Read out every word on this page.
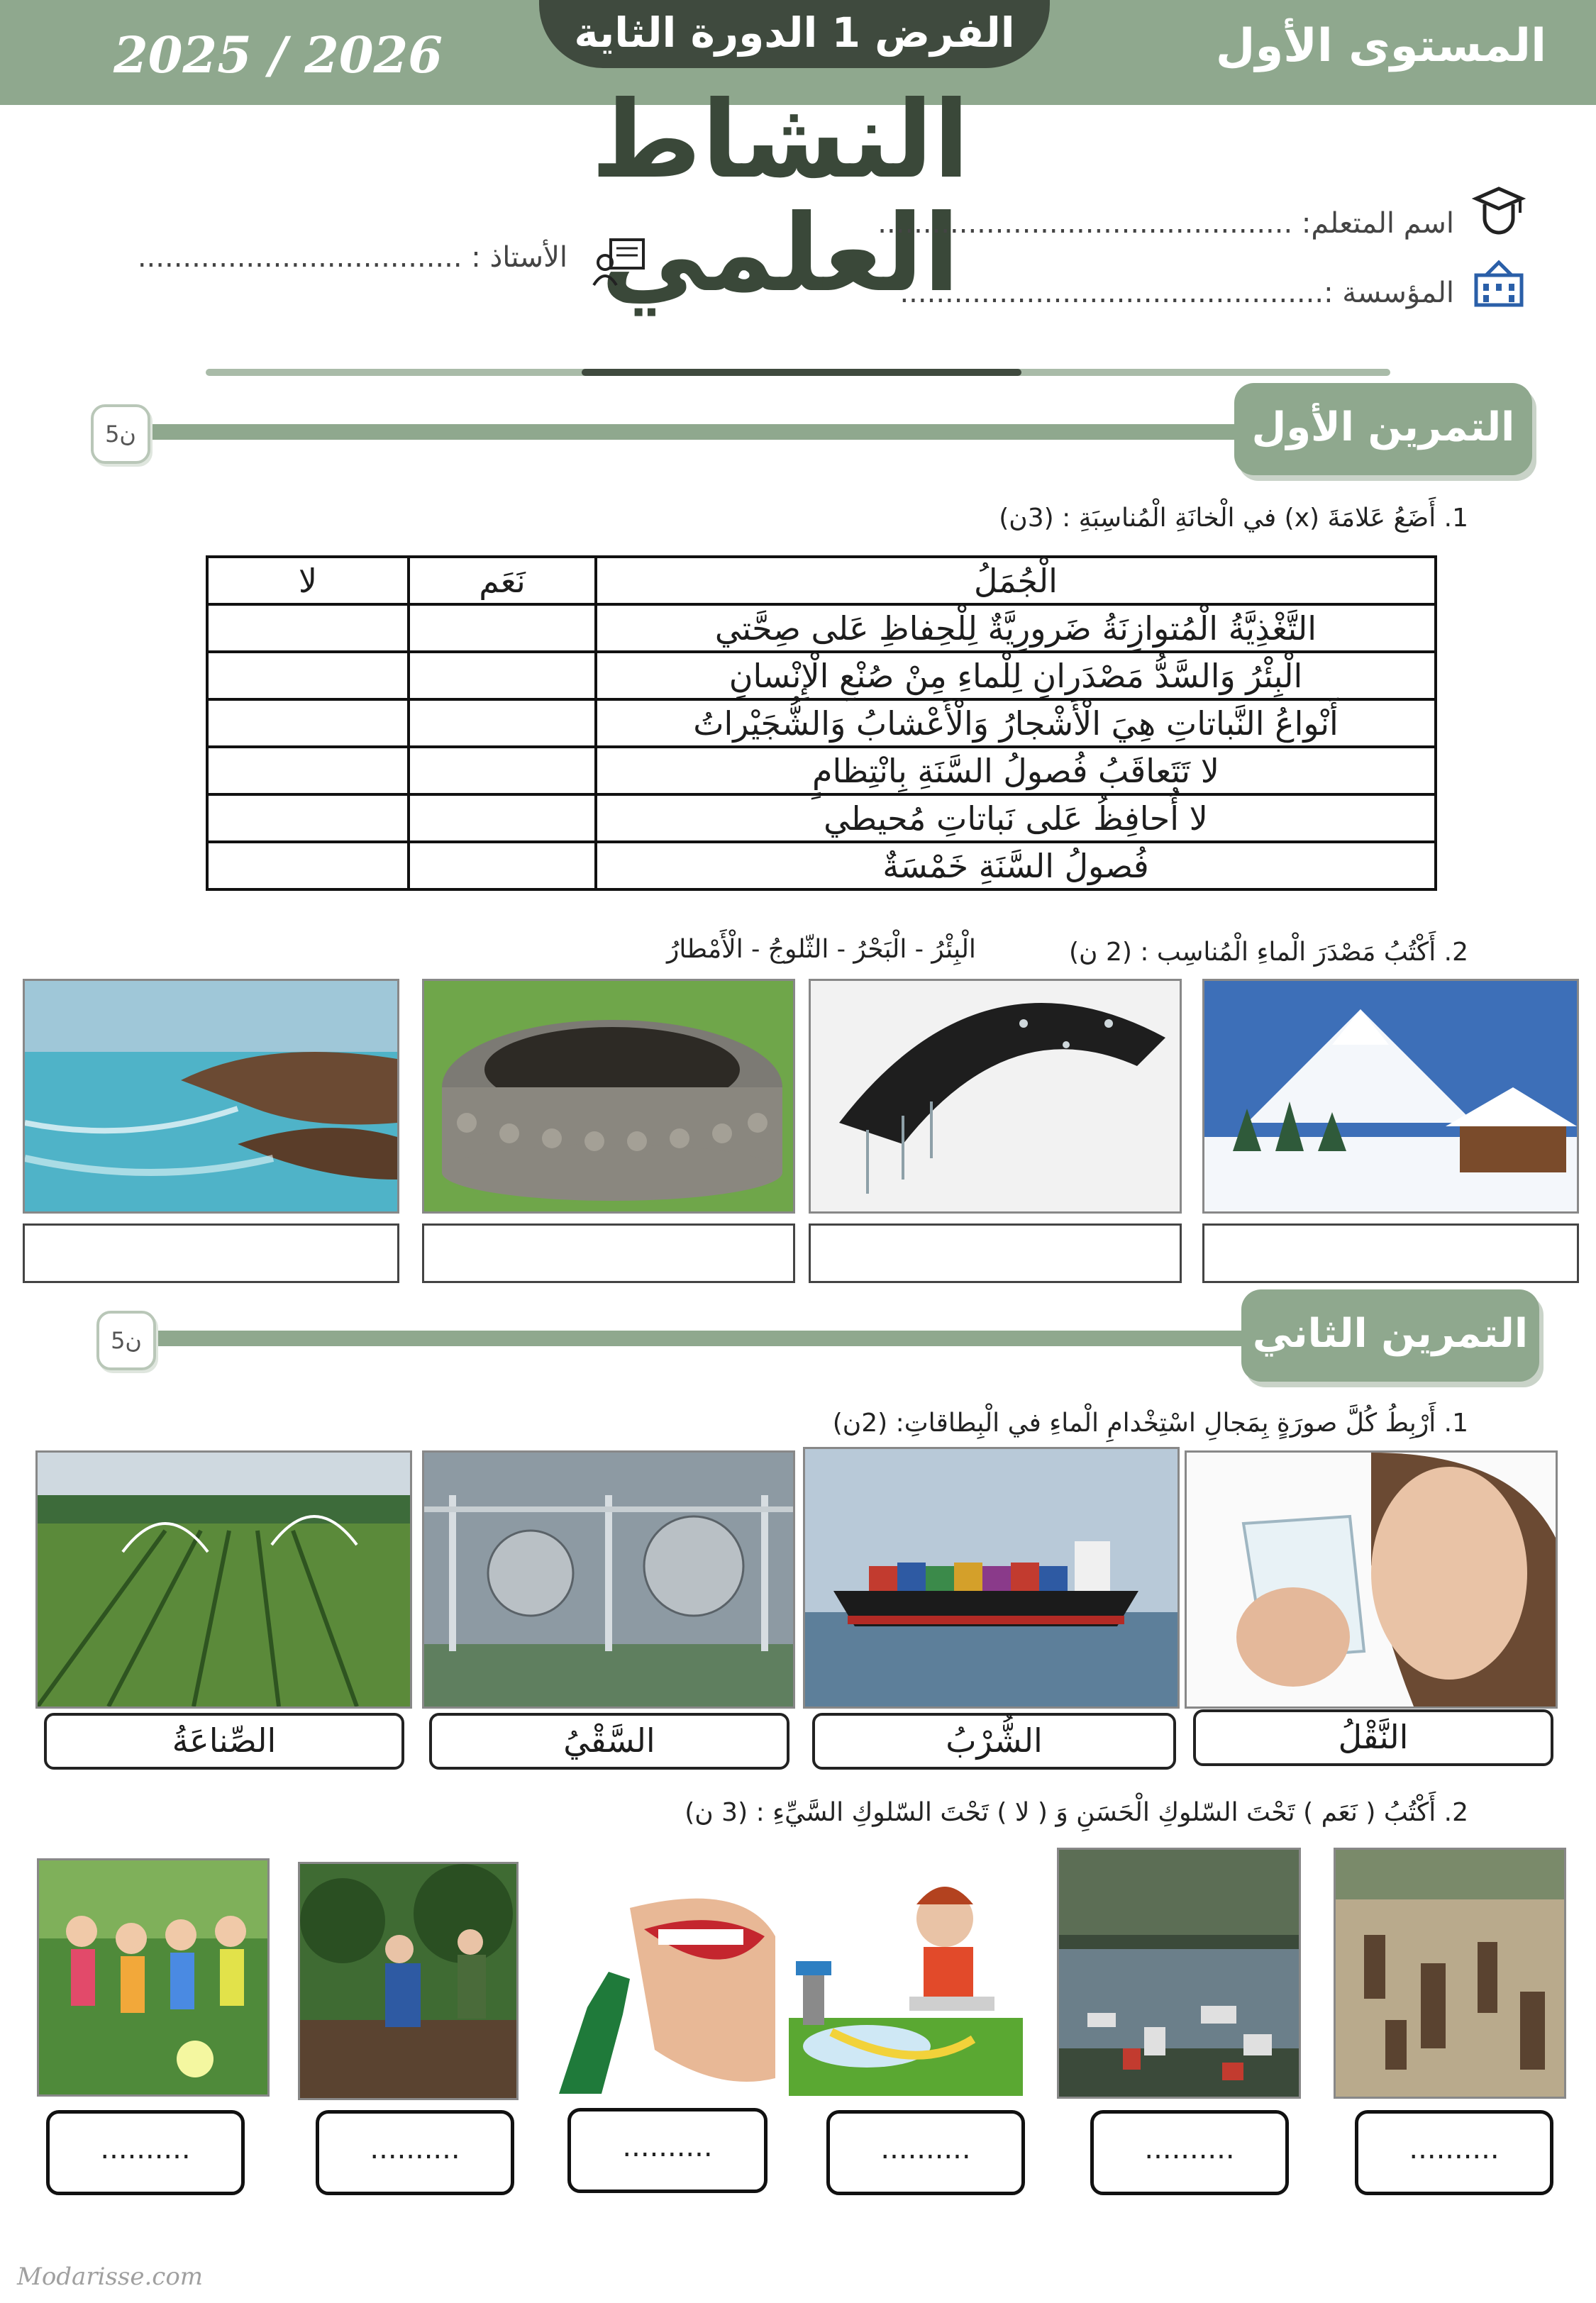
الفرض 1 الدورة الثاية	المستوى الأول
2025 / 2026
النشاط العلمي
اسم المتعلم: ..............................................
المؤسسة :...............................................
الأستاذ : ....................................
التمرين الأول
5ن
1. أَضَعُ عَلامَةَ (x) في الْخانَةِ الْمُناسِبَةِ : (3ن)
الْجُمَلُ	نَعَم	لا
التَّغْذِيَّةُ الْمُتوازِنَةُ ضَرورِيَّةٌ لِلْحِفاظِ عَلى صِحَّتي		
الْبِئْرُ وَالسَّدُّ مَصْدَرانِ لِلْماءِ مِنْ صُنْعِ الْإِنْسانِ		
أَنْواعُ النَّباتاتِ هِيَ الْأَشْجارُ وَالْأَعْشابُ وَالشُّجَيْراتُ		
لا تَتَعاقَبُ فُصولُ السَّنَةِ بِانْتِظامٍ		
لا أُحافِظُ عَلى نَباتاتِ مُحيطي		
فُصولُ السَّنَةِ خَمْسَةٌ		
2. أَكْتُبُ مَصْدَرَ الْماءِ الْمُناسِب : (2 ن)
الْبِئْرُ - الْبَحْرُ - الثّلوجُ - الْأَمْطارُ
التمرين الثاني
5ن
1. أَرْبِطُ كُلَّ صورَةٍ بِمَجالِ اسْتِخْدامِ الْماءِ في الْبِطاقاتِ: (2ن)
الصِّناعَةُ	السَّقْيُ	الشُّرْبُ	النَّقْلُ
2. أَكْتُبُ ( نَعَم ) تَحْتَ السّلوكِ الْحَسَنِ وَ ( لا ) تَحْتَ السّلوكِ السَّيِّءِ : (3 ن)
..........	..........	..........	..........	..........	..........
Modarisse.com
